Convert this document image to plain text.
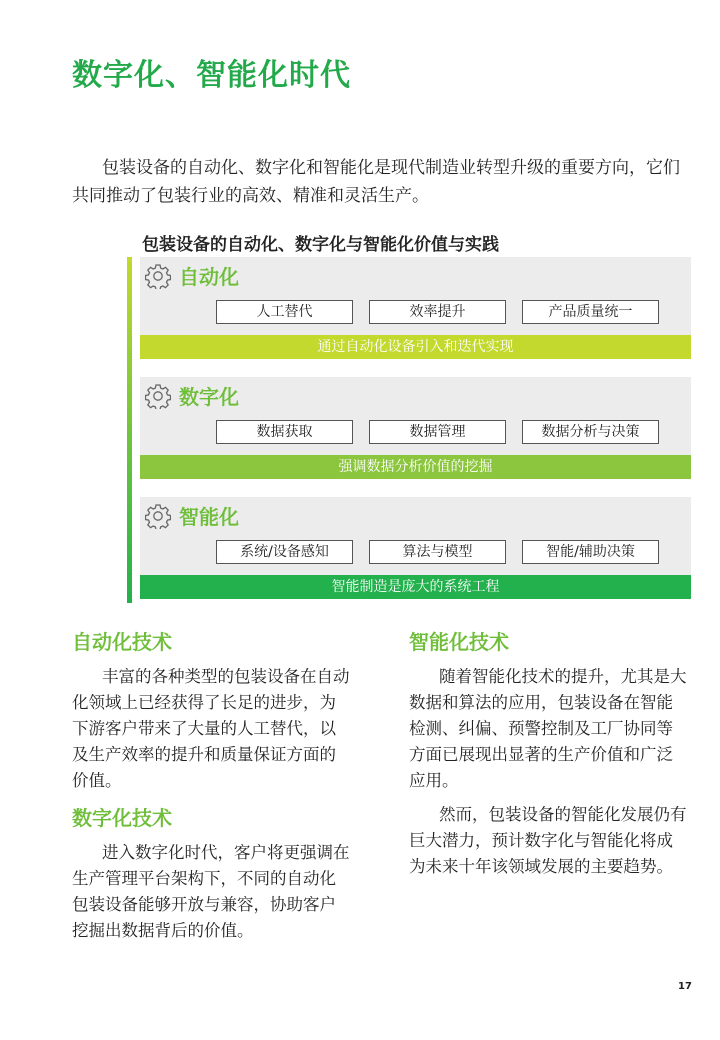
数字化、智能化时代

包装设备的自动化、数字化和智能化是现代制造业转型升级的重要方向，它们共同推动了包装行业的高效、精准和灵活生产。

包装设备的自动化、数字化与智能化价值与实践
自动化
人工替代	效率提升	产品质量统一
通过自动化设备引入和迭代实现
数字化
数据获取	数据管理	数据分析与决策
强调数据分析价值的挖掘
智能化
系统/设备感知	算法与模型	智能/辅助决策
智能制造是庞大的系统工程
自动化技术

丰富的各种类型的包装设备在自动化领域上已经获得了长足的进步，为下游客户带来了大量的人工替代，以及生产效率的提升和质量保证方面的价值。

数字化技术

进入数字化时代，客户将更强调在生产管理平台架构下，不同的自动化包装设备能够开放与兼容，协助客户挖掘出数据背后的价值。

智能化技术

随着智能化技术的提升，尤其是大数据和算法的应用，包装设备在智能检测、纠偏、预警控制及工厂协同等方面已展现出显著的生产价值和广泛应用。

然而，包装设备的智能化发展仍有巨大潜力，预计数字化与智能化将成为未来十年该领域发展的主要趋势。

17
